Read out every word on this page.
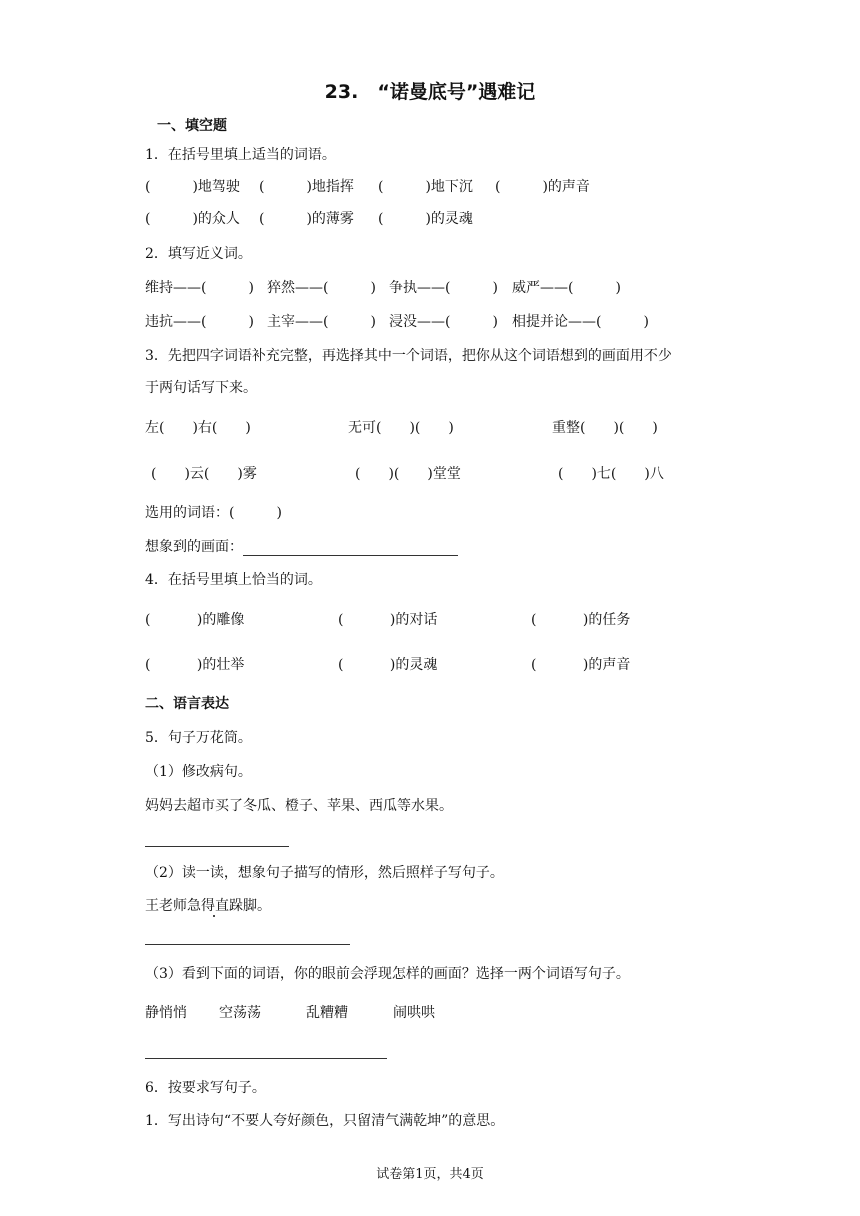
23.　“诺曼底号”遇难记
一、填空题
1．在括号里填上适当的词语。
(　　　)地驾驶 (　　　)地指挥 (　　　)地下沉 (　　　)的声音
(　　　)的众人 (　　　)的薄雾 (　　　)的灵魂
2．填写近义词。
维持——(　　　) 猝然——(　　　) 争执——(　　　) 威严——(　　　)
违抗——(　　　) 主宰——(　　　) 浸没——(　　　) 相提并论——(　　　)
3．先把四字词语补充完整，再选择其中一个词语，把你从这个词语想到的画面用不少
于两句话写下来。
左(　　)右(　　)	无可(　　)(　　)	重整(　　)(　　)
(　　)云(　　)雾	(　　)(　　)堂堂	(　　)七(　　)八
选用的词语：(　　　)
想象到的画面：
4．在括号里填上恰当的词。
(　　　 )的雕像	(　　　 )的对话	(　　　 )的任务
(　　　 )的壮举	(　　　 )的灵魂	(　　　 )的声音
二、语言表达
5．句子万花筒。
（1）修改病句。
妈妈去超市买了冬瓜、橙子、苹果、西瓜等水果。
（2）读一读，想象句子描写的情形，然后照样子写句子。
王老师急得直跺脚。
（3）看到下面的词语，你的眼前会浮现怎样的画面？选择一两个词语写句子。
静悄悄 空荡荡	乱糟糟	闹哄哄
6．按要求写句子。
1．写出诗句“不要人夸好颜色，只留清气满乾坤”的意思。
试卷第1页，共4页
